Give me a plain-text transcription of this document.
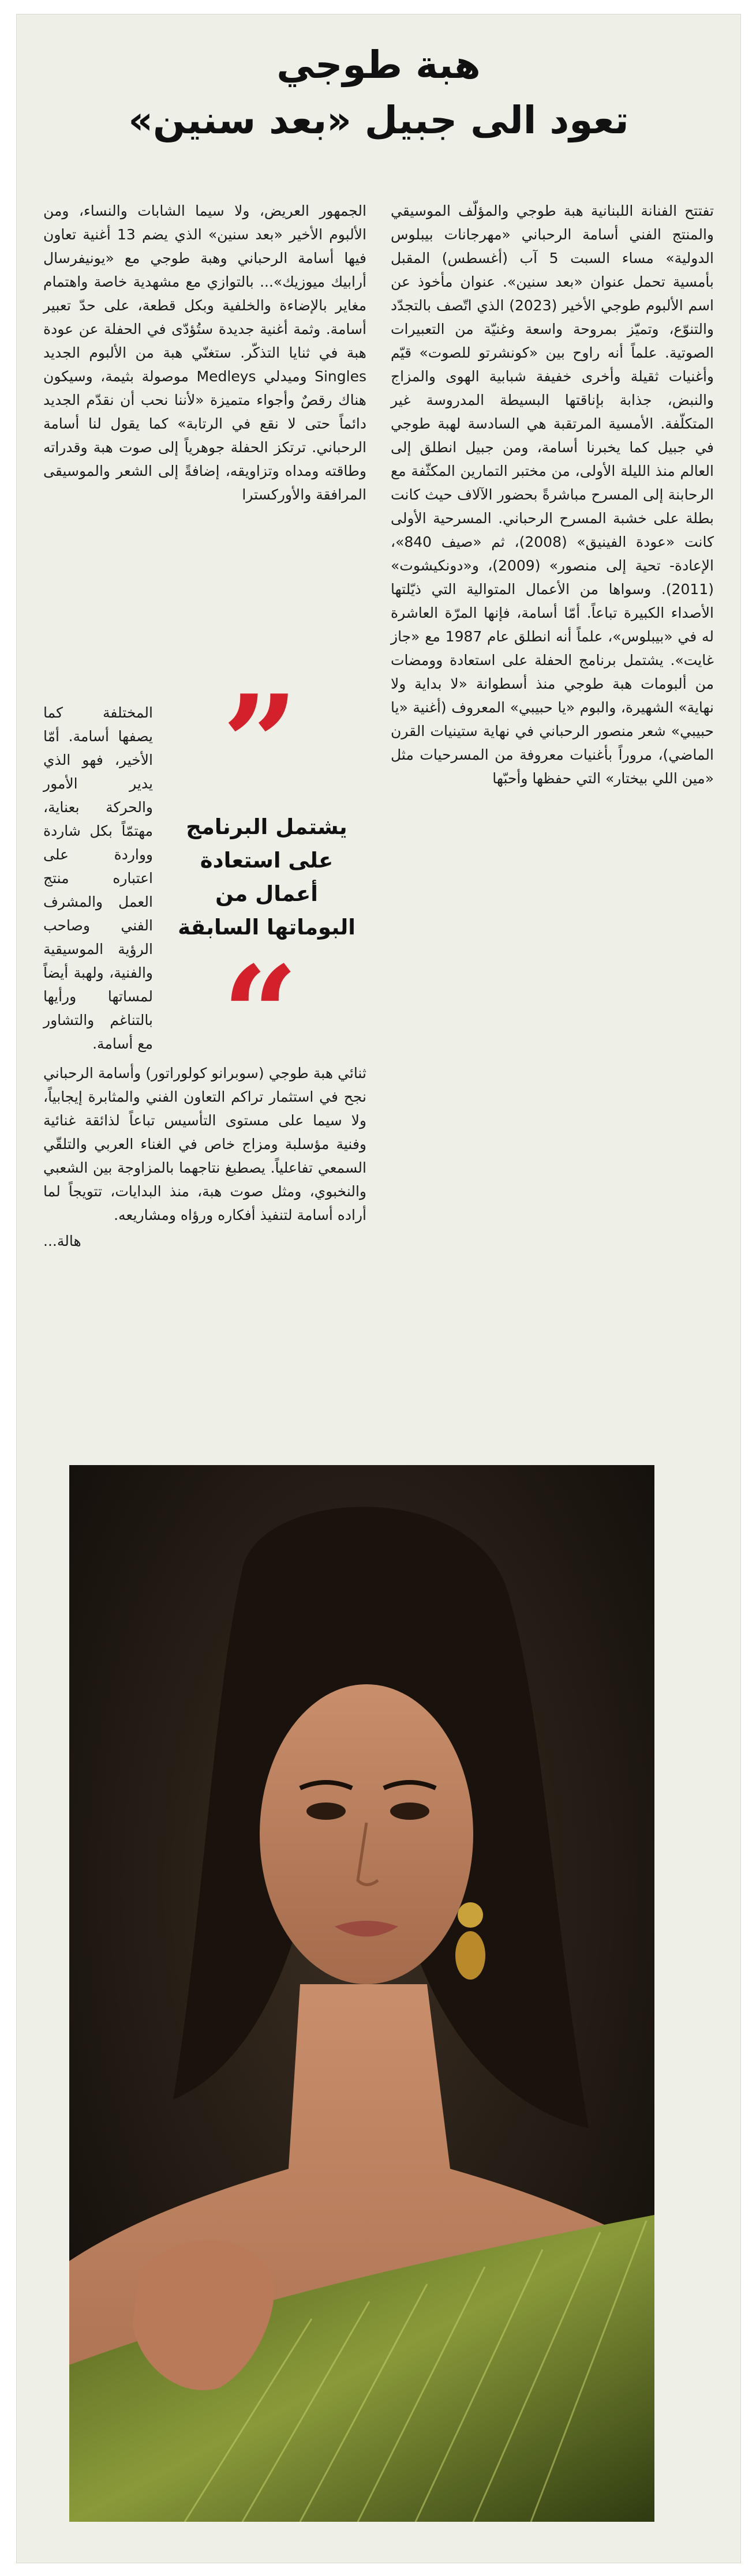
هبة طوجي
تعود الى جبيل «بعد سنين»
تفتتح الفنانة اللبنانية هبة طوجي والمؤلّف الموسيقي والمنتج الفني أسامة الرحباني «مهرجانات بيبلوس الدولية» مساء السبت 5 آب (أغسطس) المقبل بأمسية تحمل عنوان «بعد سنين». عنوان مأخوذ عن اسم الألبوم طوجي الأخير (2023) الذي اتّصف بالتجدّد والتنوّع، وتميّز بمروحة واسعة وغنيّة من التعبيرات الصوتية. علماً أنه راوح بين «كونشرتو للصوت» قيّم وأغنيات ثقيلة وأخرى خفيفة شبابية الهوى والمزاج والنبض، جذابة بإناقتها البسيطة المدروسة غير المتكلّفة. الأمسية المرتقبة هي السادسة لهبة طوجي في جبيل كما يخبرنا أسامة، ومن جبيل انطلق إلى العالم منذ الليلة الأولى، من مختبر التمارين المكثّفة مع الرحابنة إلى المسرح مباشرةً بحضور الآلاف حيث كانت بطلة على خشبة المسرح الرحباني. المسرحية الأولى كانت «عودة الفينيق» (2008)، ثم «صيف 840»، الإعادة- تحية إلى منصور» (2009)، و«دونكيشوت» (2011). وسواها من الأعمال المتوالية التي ذيّلتها الأصداء الكبيرة تباعاً. أمّا أسامة، فإنها المرّة العاشرة له في «بيبلوس»، علماً أنه انطلق عام 1987 مع «جاز غايت». يشتمل برنامج الحفلة على استعادة وومضات من ألبومات هبة طوجي منذ أسطوانة «لا بداية ولا نهاية» الشهيرة، والبوم «يا حبيبي» المعروف (أغنية «يا حبيبي» شعر منصور الرحباني في نهاية ستينيات القرن الماضي)، مروراً بأغنيات معروفة من المسرحيات مثل «مين اللي بيختار» التي حفظها وأحبّها
الجمهور العريض، ولا سيما الشابات والنساء، ومن الألبوم الأخير «بعد سنين» الذي يضم 13 أغنية تعاون فيها أسامة الرحباني وهبة طوجي مع «يونيفرسال أرابيك ميوزيك»... بالتوازي مع مشهدية خاصة واهتمام مغاير بالإضاءة والخلفية وبكل قطعة، على حدّ تعبير أسامة. وثمة أغنية جديدة ستُؤدّى في الحفلة عن عودة هبة في ثنايا التذكّر. ستغنّي هبة من الألبوم الجديد Singles وميدلي Medleys موصولة بثيمة، وسيكون هناك رقصٌ وأجواء متميزة «لأننا نحب أن نقدّم الجديد دائماً حتى لا نقع في الرتابة» كما يقول لنا أسامة الرحباني. ترتكز الحفلة جوهرياً إلى صوت هبة وقدراته وطاقته ومداه وتزاويقه، إضافةً إلى الشعر والموسيقى المرافقة والأوركسترا
المختلفة كما يصفها أسامة. أمّا الأخير، فهو الذي يدير الأمور والحركة بعناية، مهتمّاً بكل شاردة وواردة على اعتباره منتج العمل والمشرف الفني وصاحب الرؤية الموسيقية والفنية، ولهبة أيضاً لمساتها ورأيها بالتناغم والتشاور مع أسامة.
”
يشتمل البرنامج على استعادة أعمال من البوماتها السابقة
“
ثنائي هبة طوجي (سوبرانو كولوراتور) وأسامة الرحباني نجح في استثمار تراكم التعاون الفني والمثابرة إيجابياً، ولا سيما على مستوى التأسيس تباعاً لذائقة غنائية وفنية مؤسلبة ومزاج خاص في الغناء العربي والتلقّي السمعي تفاعلياً. يصطبغ نتاجهما بالمزاوجة بين الشعبي والنخبوي، ومثل صوت هبة، منذ البدايات، تتويجاً لما أراده أسامة لتنفيذ أفكاره ورؤاه ومشاريعه.
هالة...
